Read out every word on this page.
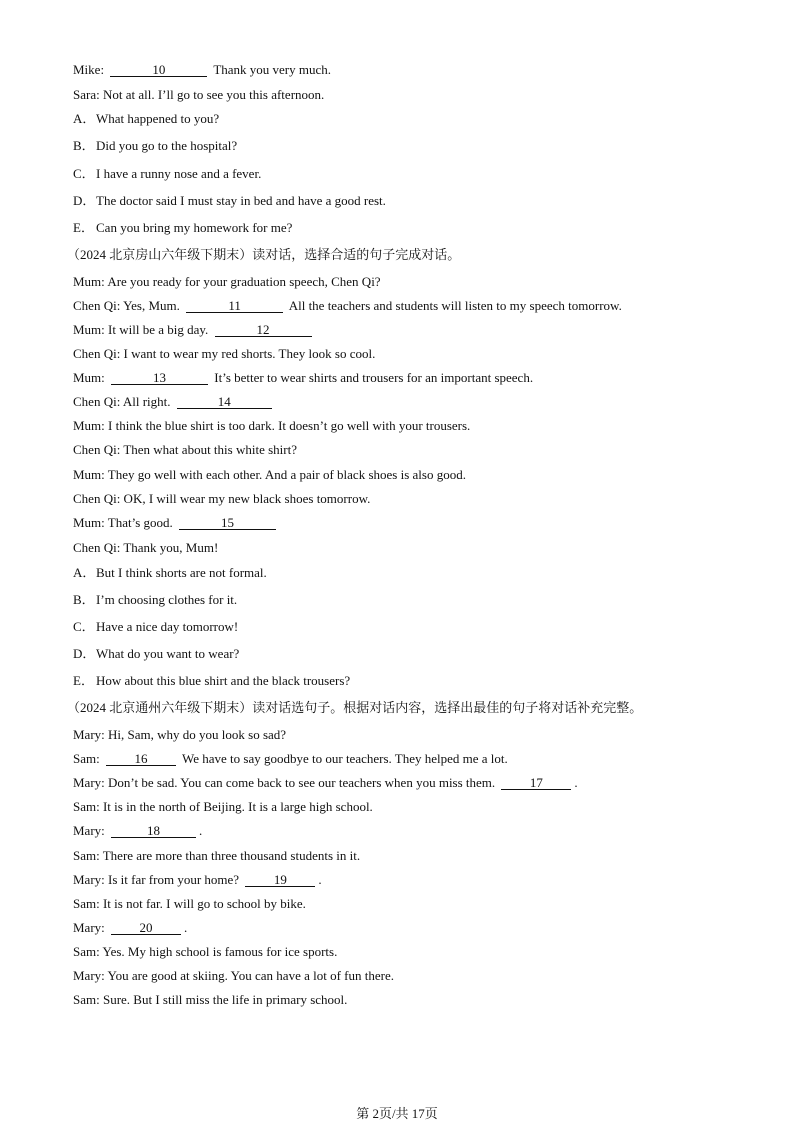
Mike:	10	Thank you very much.
Sara: Not at all. I’ll go to see you this afternoon.
A．What happened to you?
B．Did you go to the hospital?
C．I have a runny nose and a fever.
D．The doctor said I must stay in bed and have a good rest.
E． Can you bring my homework for me?
（2024 北京房山六年级下期末）读对话，选择合适的句子完成对话。
Mum: Are you ready for your graduation speech, Chen Qi?
Chen Qi: Yes, Mum.	11	All the teachers and students will listen to my speech tomorrow.
Mum: It will be a big day.	12
Chen Qi: I want to wear my red shorts. They look so cool.
Mum:	13	It’s better to wear shirts and trousers for an important speech.
Chen Qi: All right.	14
Mum: I think the blue shirt is too dark. It doesn’t go well with your trousers.
Chen Qi: Then what about this white shirt?
Mum: They go well with each other. And a pair of black shoes is also good.
Chen Qi: OK, I will wear my new black shoes tomorrow.
Mum: That’s good.	15
Chen Qi: Thank you, Mum!
A．But I think shorts are not formal.
B．I’m choosing clothes for it.
C．Have a nice day tomorrow!
D．What do you want to wear?
E． How about this blue shirt and the black trousers?
（2024 北京通州六年级下期末）读对话选句子。根据对话内容，选择出最佳的句子将对话补充完整。
Mary: Hi, Sam, why do you look so sad?
Sam: 16 We have to say goodbye to our teachers. They helped me a lot.
Mary: Don’t be sad. You can come back to see our teachers when you miss them. 17 .
Sam: It is in the north of Beijing. It is a large high school.
Mary:	18	.
Sam: There are more than three thousand students in it.
Mary: Is it far from your home? 19 .
Sam: It is not far. I will go to school by bike.
Mary: 20 .
Sam: Yes. My high school is famous for ice sports.
Mary: You are good at skiing. You can have a lot of fun there.
Sam: Sure. But I still miss the life in primary school.
第 2页/共 17页
